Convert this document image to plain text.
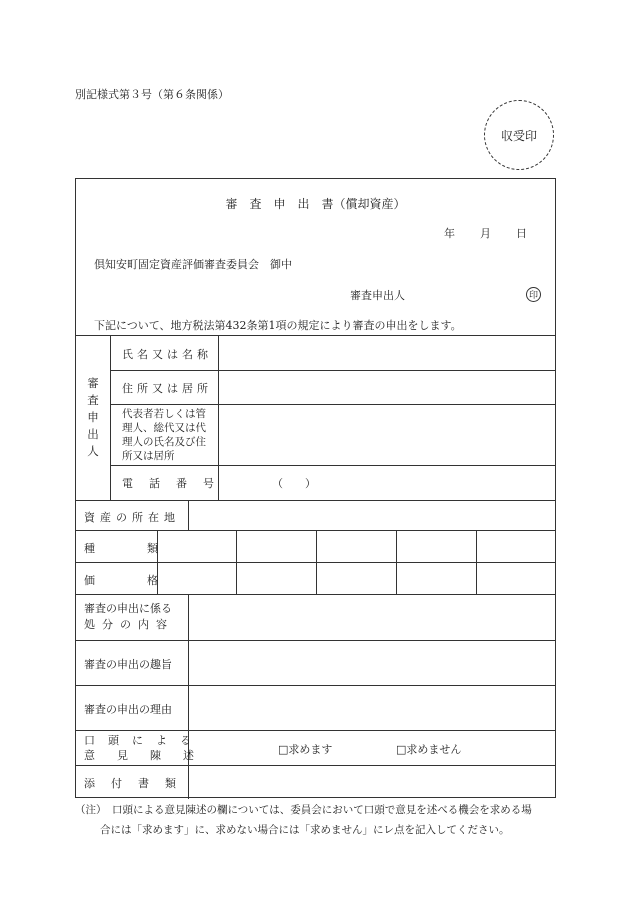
別記様式第３号（第６条関係）
収受印
審　査　申　出　書（償却資産）
年 月 日
倶知安町固定資産評価審査委員会　御中
審査申出人	印
下記について、地方税法第432条第1項の規定により審査の申出をします。
審査申出人
氏名又は名称
住所又は居所
代表者若しくは管
理人、総代又は代
理人の氏名及び住
所又は居所
電話番号	（　　）
資産の所在地
種類
価格
審査の申出に係る
処分の内容
審査の申出の趣旨
審査の申出の理由
口頭による
意見陳述	□求めます	□求めません
添付書類
（注） 口頭による意見陳述の欄については、委員会において口頭で意見を述べる機会を求める場
合には「求めます」に、求めない場合には「求めません」にレ点を記入してください。
